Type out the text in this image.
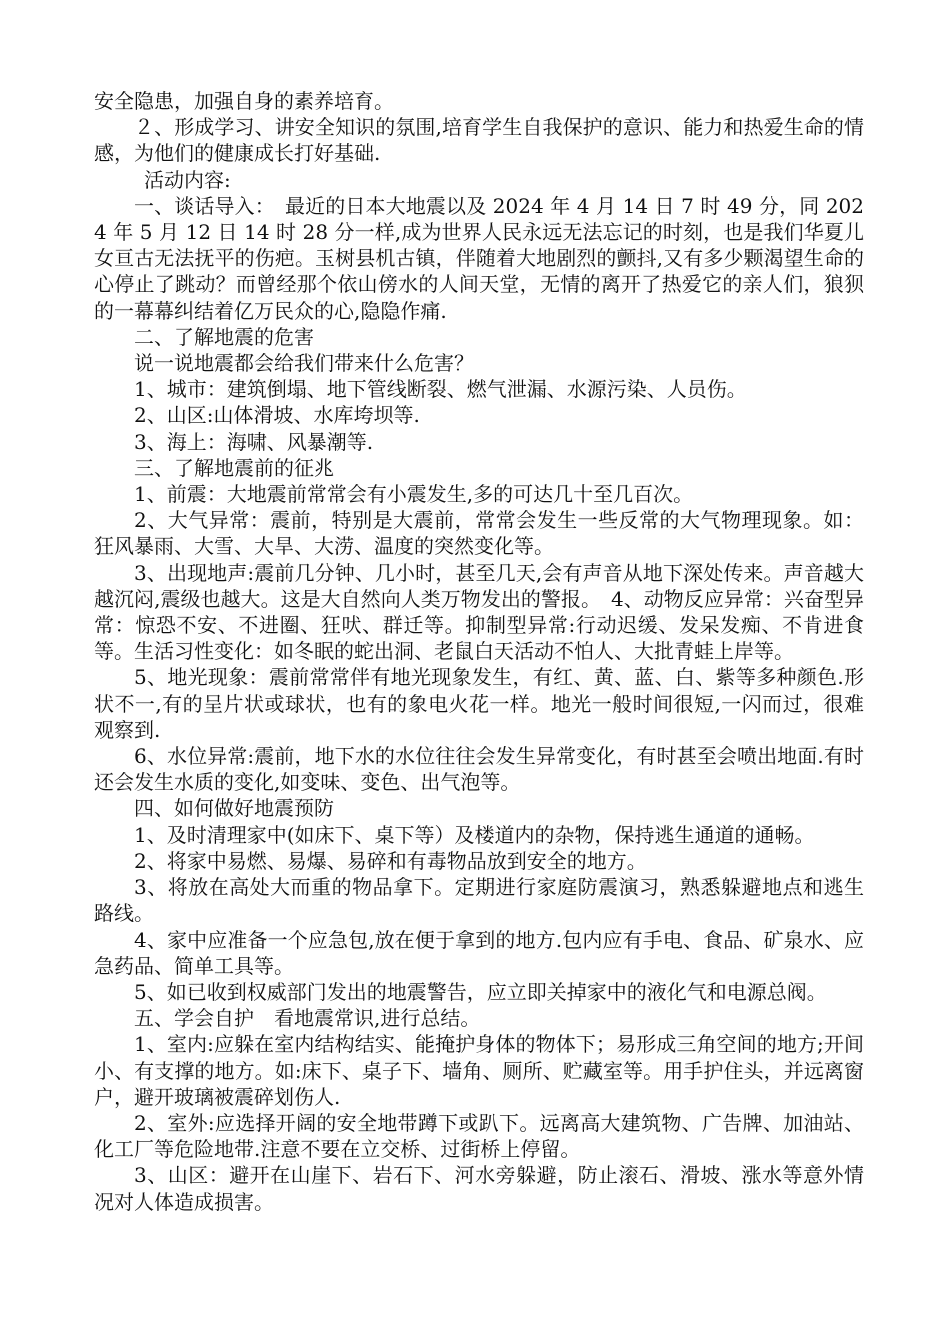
安全隐患，加强自身的素养培育。

２、形成学习、讲安全知识的氛围,培育学生自我保护的意识、能力和热爱生命的情感，为他们的健康成长打好基础.

活动内容:

一、谈话导入：　最近的日本大地震以及 2024 年 4 月 14 日 7 时 49 分，同 2024 年 5 月 12 日 14 时 28 分一样,成为世界人民永远无法忘记的时刻，也是我们华夏儿女亘古无法抚平的伤疤。玉树县机古镇，伴随着大地剧烈的颤抖,又有多少颗渴望生命的心停止了跳动？而曾经那个依山傍水的人间天堂，无情的离开了热爱它的亲人们，狼狈的一幕幕纠结着亿万民众的心,隐隐作痛.

二、了解地震的危害

说一说地震都会给我们带来什么危害？

1、城市：建筑倒塌、地下管线断裂、燃气泄漏、水源污染、人员伤。

2、山区:山体滑坡、水库垮坝等.

3、海上：海啸、风暴潮等.

三、了解地震前的征兆

1、前震：大地震前常常会有小震发生,多的可达几十至几百次。

2、大气异常：震前，特别是大震前，常常会发生一些反常的大气物理现象。如：狂风暴雨、大雪、大旱、大涝、温度的突然变化等。

3、出现地声:震前几分钟、几小时，甚至几天,会有声音从地下深处传来。声音越大越沉闷,震级也越大。这是大自然向人类万物发出的警报。　4、动物反应异常：兴奋型异常：惊恐不安、不进圈、狂吠、群迁等。抑制型异常:行动迟缓、发呆发痴、不肯进食等。生活习性变化：如冬眠的蛇出洞、老鼠白天活动不怕人、大批青蛙上岸等。

5、地光现象：震前常常伴有地光现象发生，有红、黄、蓝、白、紫等多种颜色.形状不一,有的呈片状或球状，也有的象电火花一样。地光一般时间很短,一闪而过，很难观察到.

6、水位异常:震前，地下水的水位往往会发生异常变化，有时甚至会喷出地面.有时还会发生水质的变化,如变味、变色、出气泡等。

四、如何做好地震预防

1、及时清理家中(如床下、桌下等）及楼道内的杂物，保持逃生通道的通畅。

2、将家中易燃、易爆、易碎和有毒物品放到安全的地方。

3、将放在高处大而重的物品拿下。定期进行家庭防震演习，熟悉躲避地点和逃生路线。

4、家中应准备一个应急包,放在便于拿到的地方.包内应有手电、食品、矿泉水、应急药品、简单工具等。

5、如已收到权威部门发出的地震警告，应立即关掉家中的液化气和电源总阀。

五、学会自护　看地震常识,进行总结。

1、室内:应躲在室内结构结实、能掩护身体的物体下；易形成三角空间的地方;开间小、有支撑的地方。如:床下、桌子下、墙角、厕所、贮藏室等。用手护住头，并远离窗户，避开玻璃被震碎划伤人.

2、室外:应选择开阔的安全地带蹲下或趴下。远离高大建筑物、广告牌、加油站、化工厂等危险地带.注意不要在立交桥、过街桥上停留。

3、山区：避开在山崖下、岩石下、河水旁躲避，防止滚石、滑坡、涨水等意外情况对人体造成损害。
